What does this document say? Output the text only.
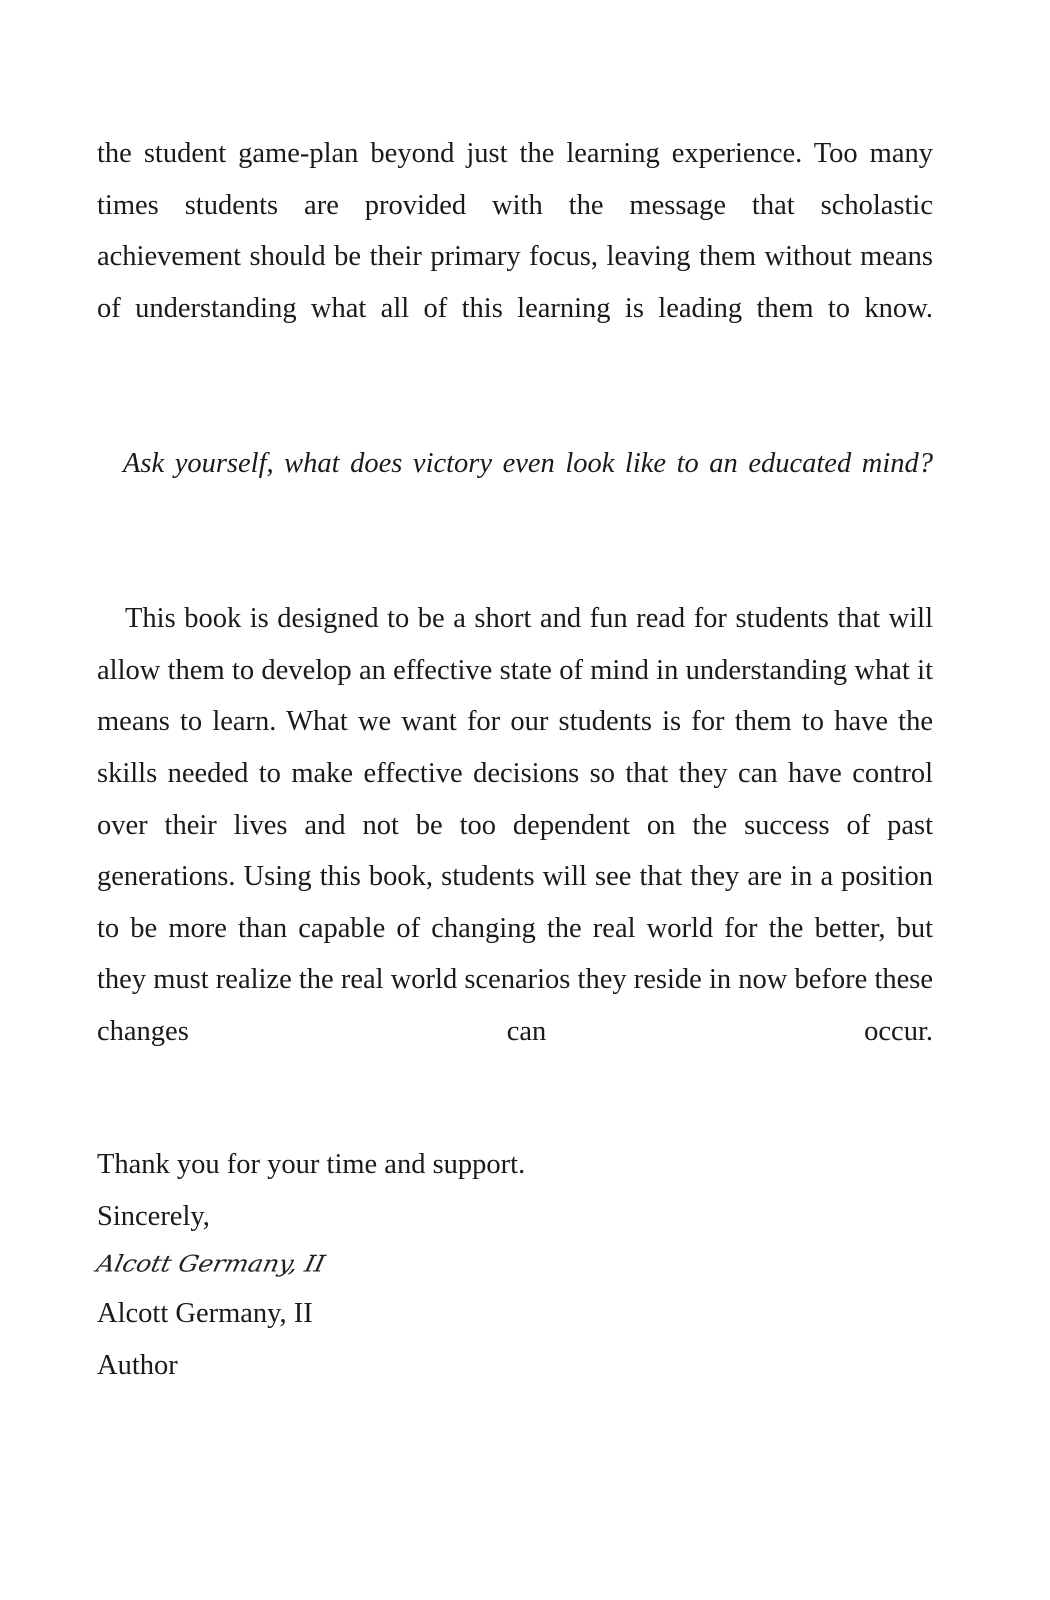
the student game-plan beyond just the learning experience. Too many times students are provided with the message that scholastic achievement should be their primary focus, leaving them without means of understanding what all of this learning is leading them to know.

Ask yourself, what does victory even look like to an educated mind?

This book is designed to be a short and fun read for students that will allow them to develop an effective state of mind in understanding what it means to learn. What we want for our students is for them to have the skills needed to make effective decisions so that they can have control over their lives and not be too dependent on the success of past generations. Using this book, students will see that they are in a position to be more than capable of changing the real world for the better, but they must realize the real world scenarios they reside in now before these changes can occur.

Thank you for your time and support.

Sincerely,

Alcott Germany, II

Alcott Germany, II

Author
